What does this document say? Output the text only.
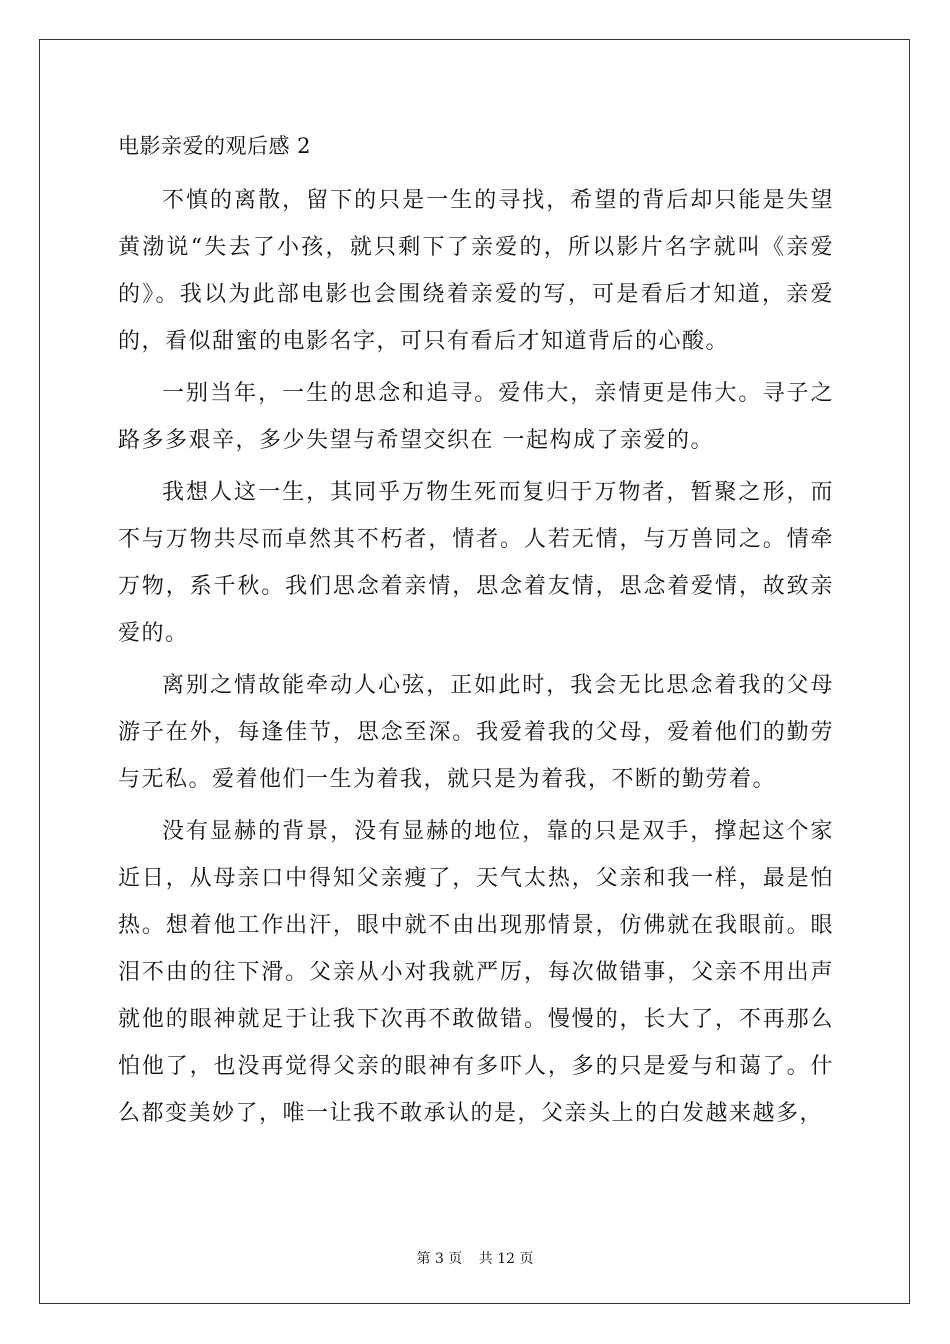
电影亲爱的观后感 2

不慎的离散，留下的只是一生的寻找，希望的背后却只能是失望黄渤说“失去了小孩，就只剩下了亲爱的，所以影片名字就叫《亲爱的》。我以为此部电影也会围绕着亲爱的写，可是看后才知道，亲爱的，看似甜蜜的电影名字，可只有看后才知道背后的心酸。

一别当年，一生的思念和追寻。爱伟大，亲情更是伟大。寻子之路多多艰辛，多少失望与希望交织在 一起构成了亲爱的。

我想人这一生，其同乎万物生死而复归于万物者，暂聚之形，而不与万物共尽而卓然其不朽者，情者。人若无情，与万兽同之。情牵万物，系千秋。我们思念着亲情，思念着友情，思念着爱情，故致亲爱的。

离别之情故能牵动人心弦，正如此时，我会无比思念着我的父母游子在外，每逢佳节，思念至深。我爱着我的父母，爱着他们的勤劳与无私。爱着他们一生为着我，就只是为着我，不断的勤劳着。

没有显赫的背景，没有显赫的地位，靠的只是双手，撑起这个家近日，从母亲口中得知父亲瘦了，天气太热，父亲和我一样，最是怕热。想着他工作出汗，眼中就不由出现那情景，仿佛就在我眼前。眼泪不由的往下滑。父亲从小对我就严厉，每次做错事，父亲不用出声就他的眼神就足于让我下次再不敢做错。慢慢的，长大了，不再那么怕他了，也没再觉得父亲的眼神有多吓人，多的只是爱与和蔼了。什么都变美妙了，唯一让我不敢承认的是，父亲头上的白发越来越多，

第 3 页 共 12 页
